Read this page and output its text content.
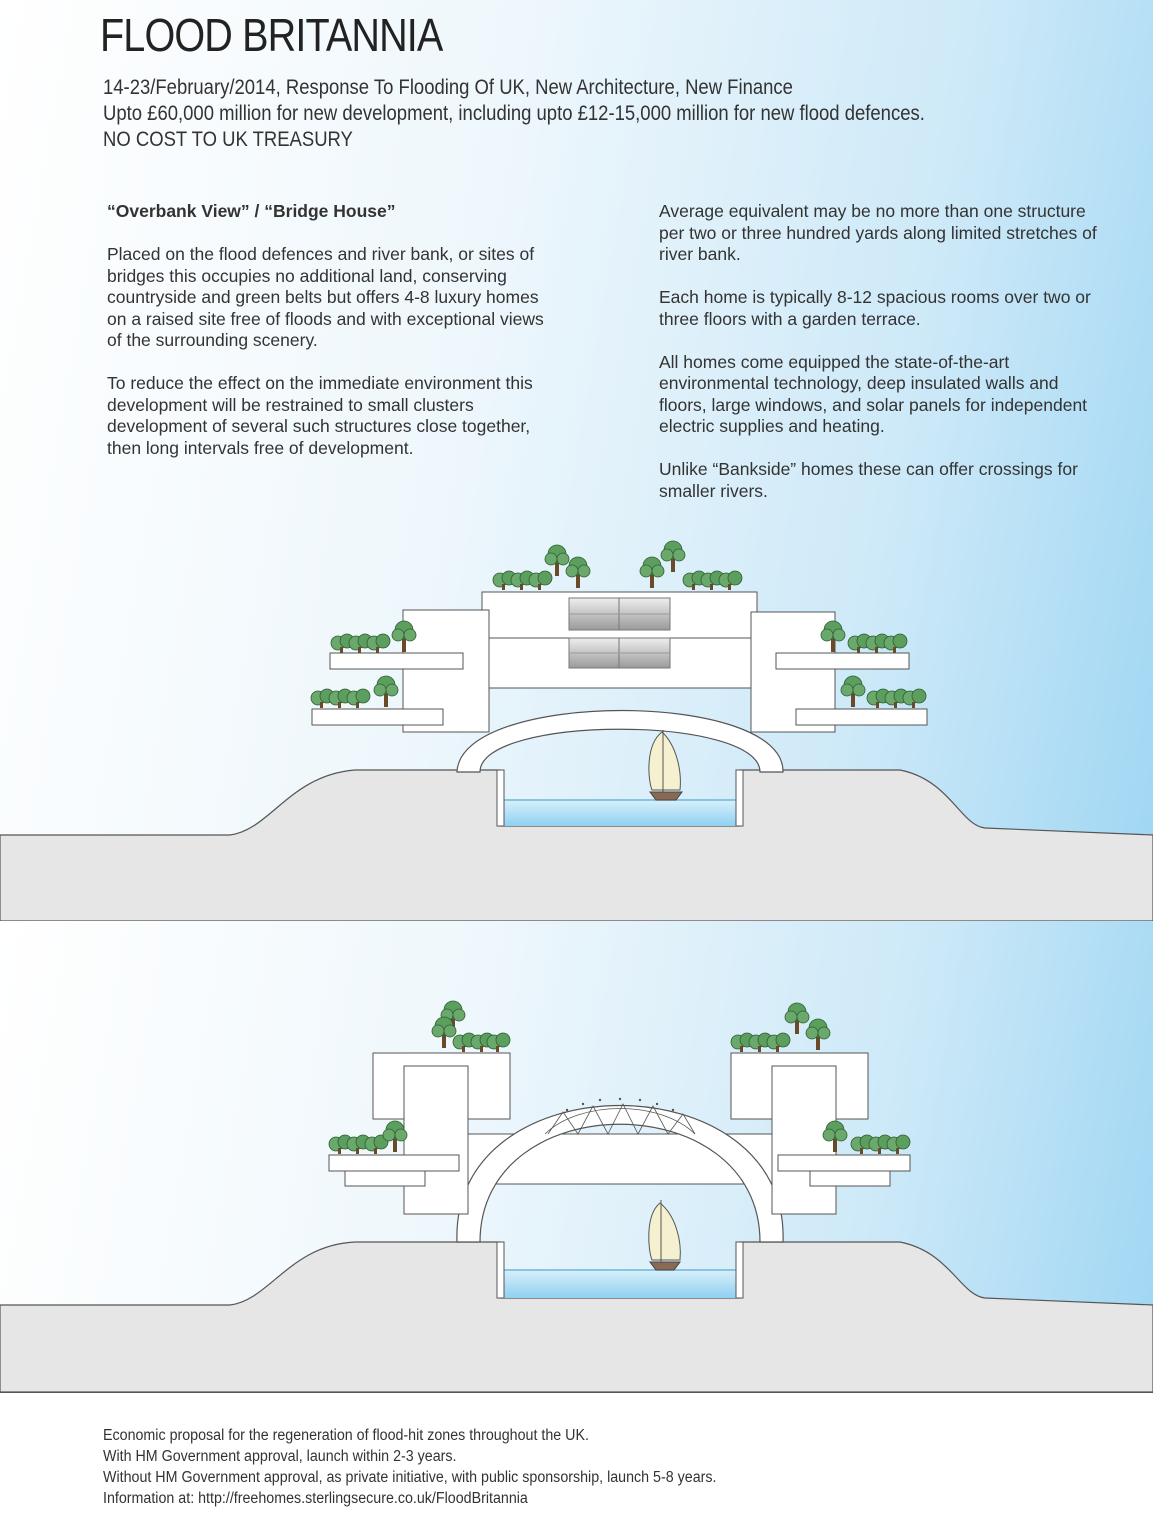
FLOOD BRITANNIA
14-23/February/2014, Response To Flooding Of UK, New Architecture, New Finance
Upto £60,000 million for new development, including upto £12-15,000 million for new flood defences.
NO COST TO UK TREASURY

“Overbank View” / “Bridge House”

Placed on the flood defences and river bank, or sites of bridges this occupies no additional land, conserving countryside and green belts but offers 4-8 luxury homes on a raised site free of floods and with exceptional views of the surrounding scenery.

To reduce the effect on the immediate environment this development will be restrained to small clusters development of several such structures close together, then long intervals free of development.

Average equivalent may be no more than one structure per two or three hundred yards along limited stretches of river bank.

Each home is typically 8-12 spacious rooms over two or three floors with a garden terrace.

All homes come equipped the state-of-the-art environmental technology, deep insulated walls and floors, large windows, and solar panels for independent electric supplies and heating.

Unlike “Bankside” homes these can offer crossings for smaller rivers.

Economic proposal for the regeneration of flood-hit zones throughout the UK.
With HM Government approval, launch within 2-3 years.
Without HM Government approval, as private initiative, with public sponsorship, launch 5-8 years.
Information at: http://freehomes.sterlingsecure.co.uk/FloodBritannia
